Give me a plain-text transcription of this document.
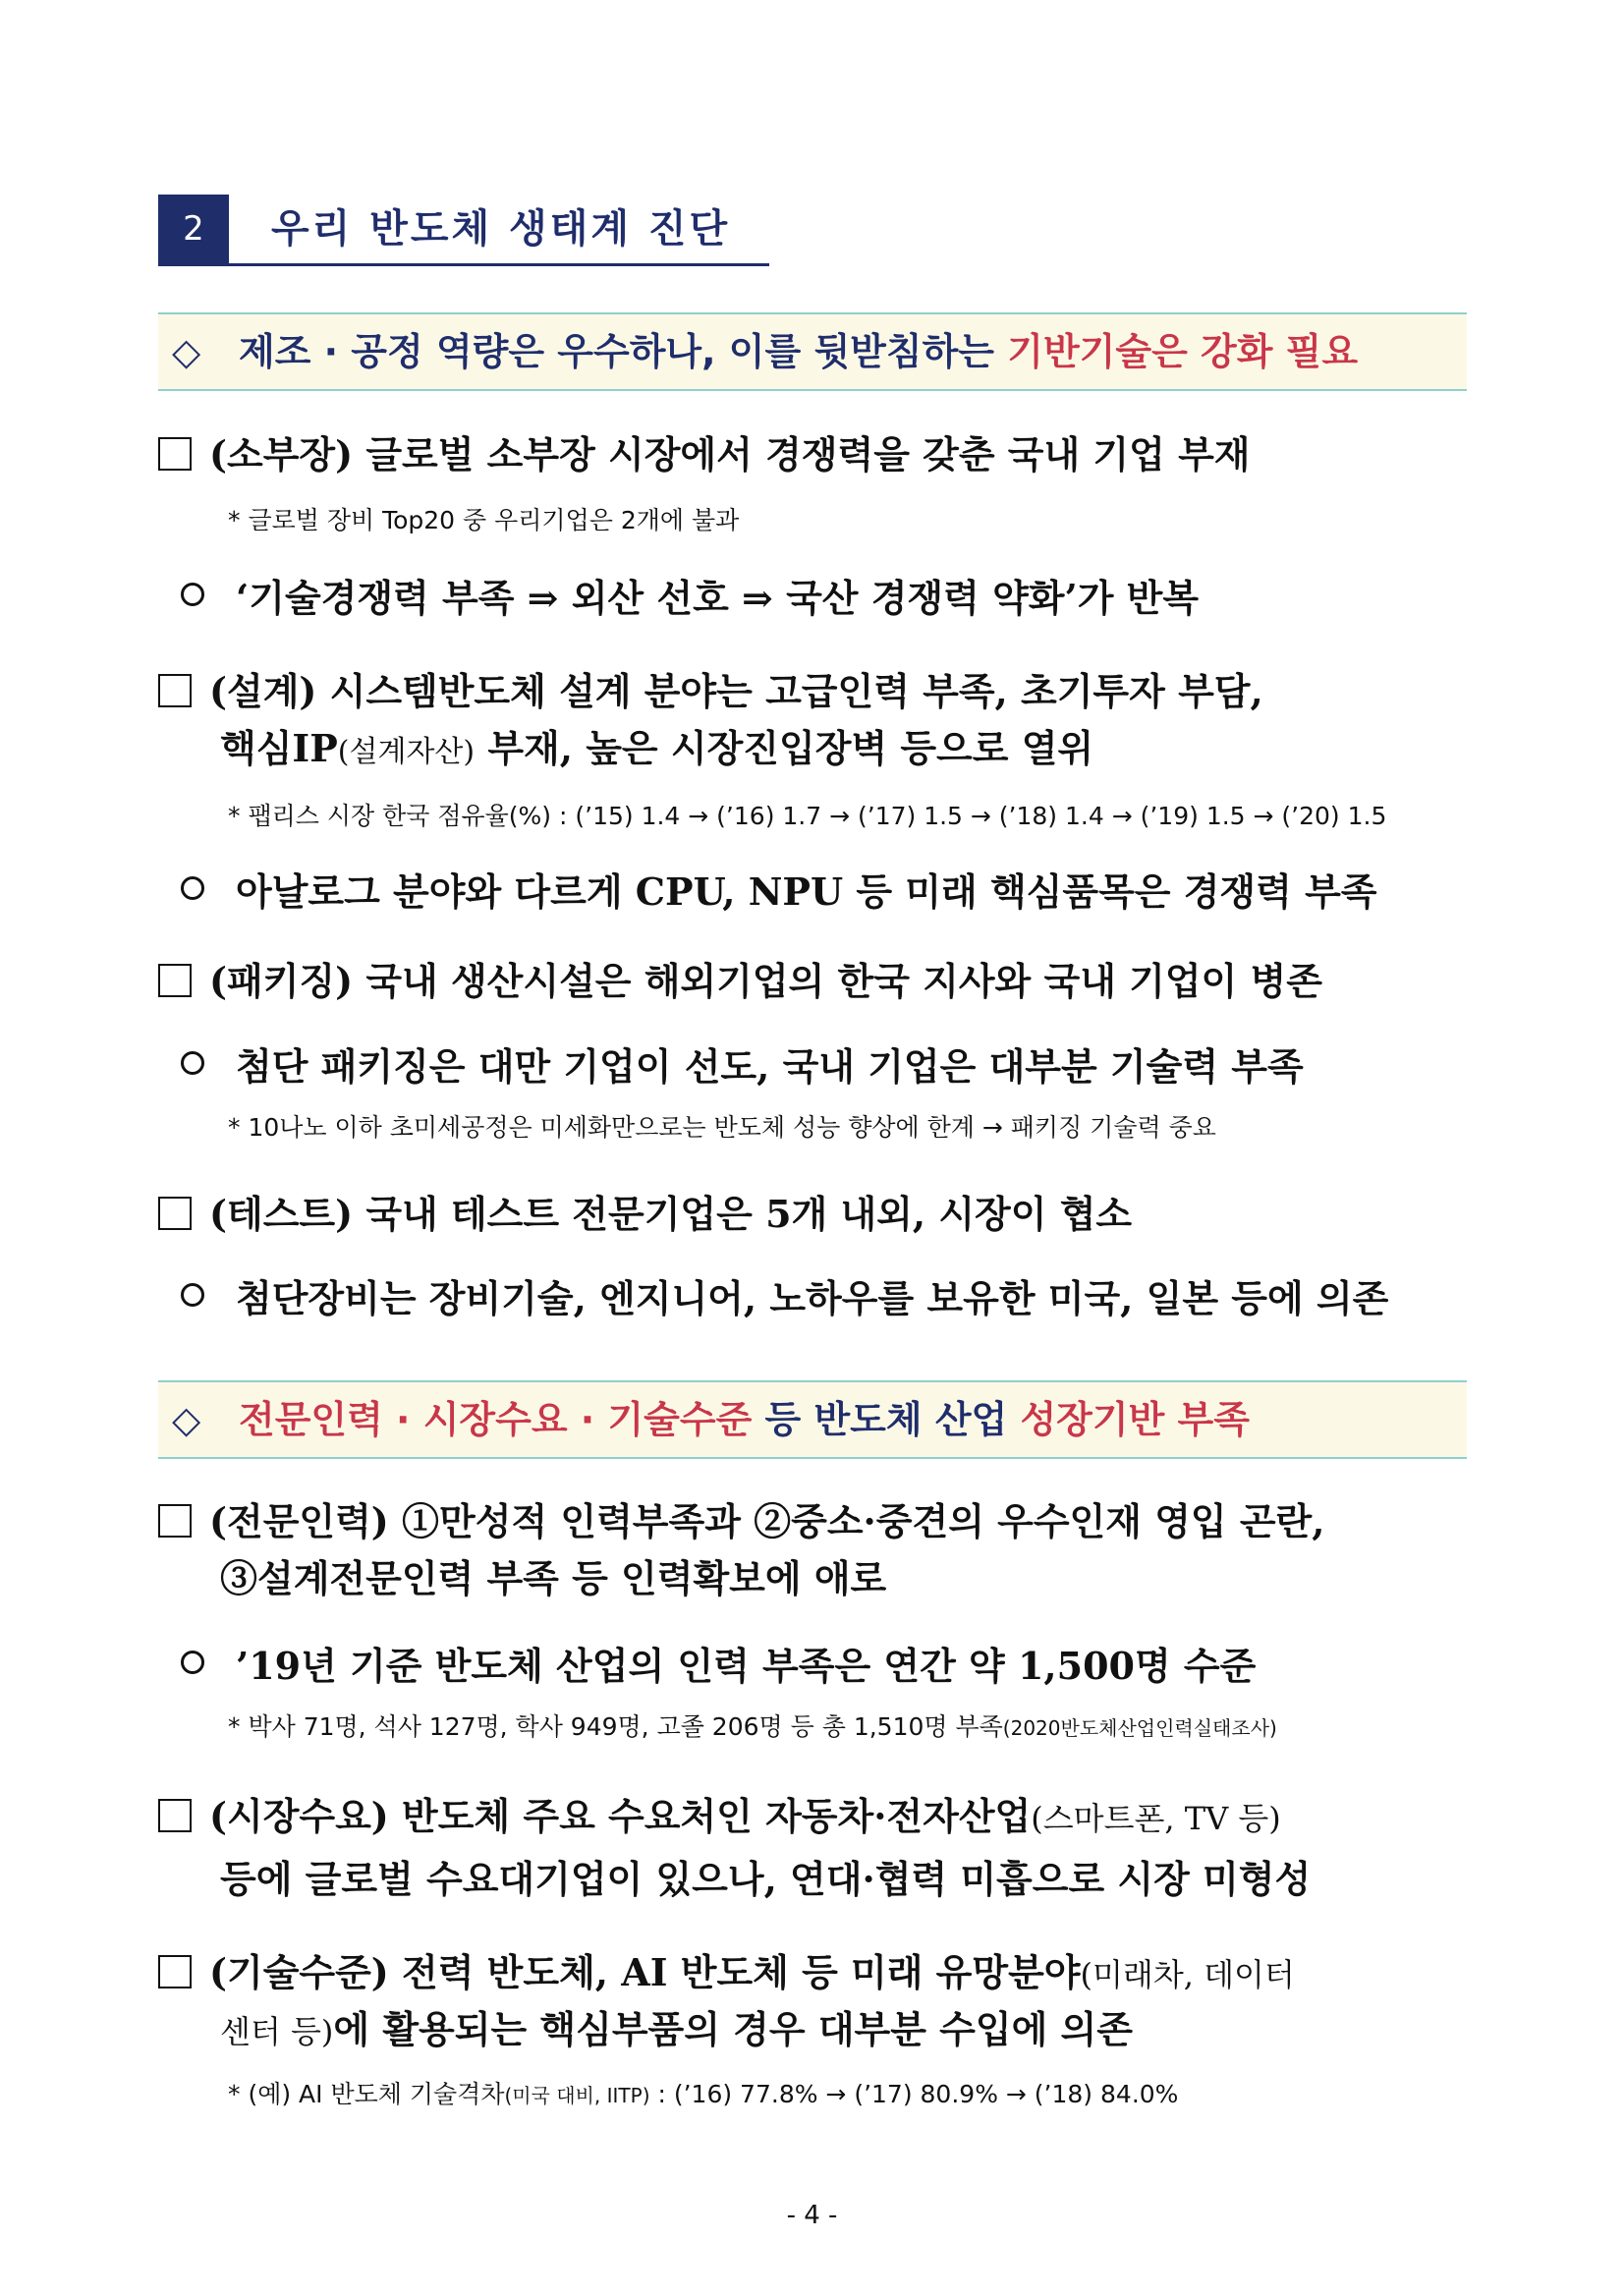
2	우리 반도체 생태계 진단
◇ 제조 · 공정 역량은 우수하나, 이를 뒷받침하는 기반기술은 강화 필요
(소부장) 글로벌 소부장 시장에서 경쟁력을 갖춘 국내 기업 부재
* 글로벌 장비 Top20 중 우리기업은 2개에 불과
‘기술경쟁력 부족 ⇒ 외산 선호 ⇒ 국산 경쟁력 약화’가 반복
(설계) 시스템반도체 설계 분야는 고급인력 부족, 초기투자 부담,
핵심IP(설계자산) 부재, 높은 시장진입장벽 등으로 열위
* 팹리스 시장 한국 점유율(%) : (’15) 1.4 → (’16) 1.7 → (’17) 1.5 → (’18) 1.4 → (’19) 1.5 → (’20) 1.5
아날로그 분야와 다르게 CPU, NPU 등 미래 핵심품목은 경쟁력 부족
(패키징) 국내 생산시설은 해외기업의 한국 지사와 국내 기업이 병존
첨단 패키징은 대만 기업이 선도, 국내 기업은 대부분 기술력 부족
* 10나노 이하 초미세공정은 미세화만으로는 반도체 성능 향상에 한계 → 패키징 기술력 중요
(테스트) 국내 테스트 전문기업은 5개 내외, 시장이 협소
첨단장비는 장비기술, 엔지니어, 노하우를 보유한 미국, 일본 등에 의존
◇ 전문인력 · 시장수요 · 기술수준 등 반도체 산업 성장기반 부족
(전문인력) ①만성적 인력부족과 ②중소·중견의 우수인재 영입 곤란,
③설계전문인력 부족 등 인력확보에 애로
’19년 기준 반도체 산업의 인력 부족은 연간 약 1,500명 수준
* 박사 71명, 석사 127명, 학사 949명, 고졸 206명 등 총 1,510명 부족(2020반도체산업인력실태조사)
(시장수요) 반도체 주요 수요처인 자동차·전자산업(스마트폰, TV 등)
등에 글로벌 수요대기업이 있으나, 연대·협력 미흡으로 시장 미형성
(기술수준) 전력 반도체, AI 반도체 등 미래 유망분야(미래차, 데이터
센터 등)에 활용되는 핵심부품의 경우 대부분 수입에 의존
* (예) AI 반도체 기술격차(미국 대비, IITP) : (’16) 77.8% → (’17) 80.9% → (’18) 84.0%
- 4 -
